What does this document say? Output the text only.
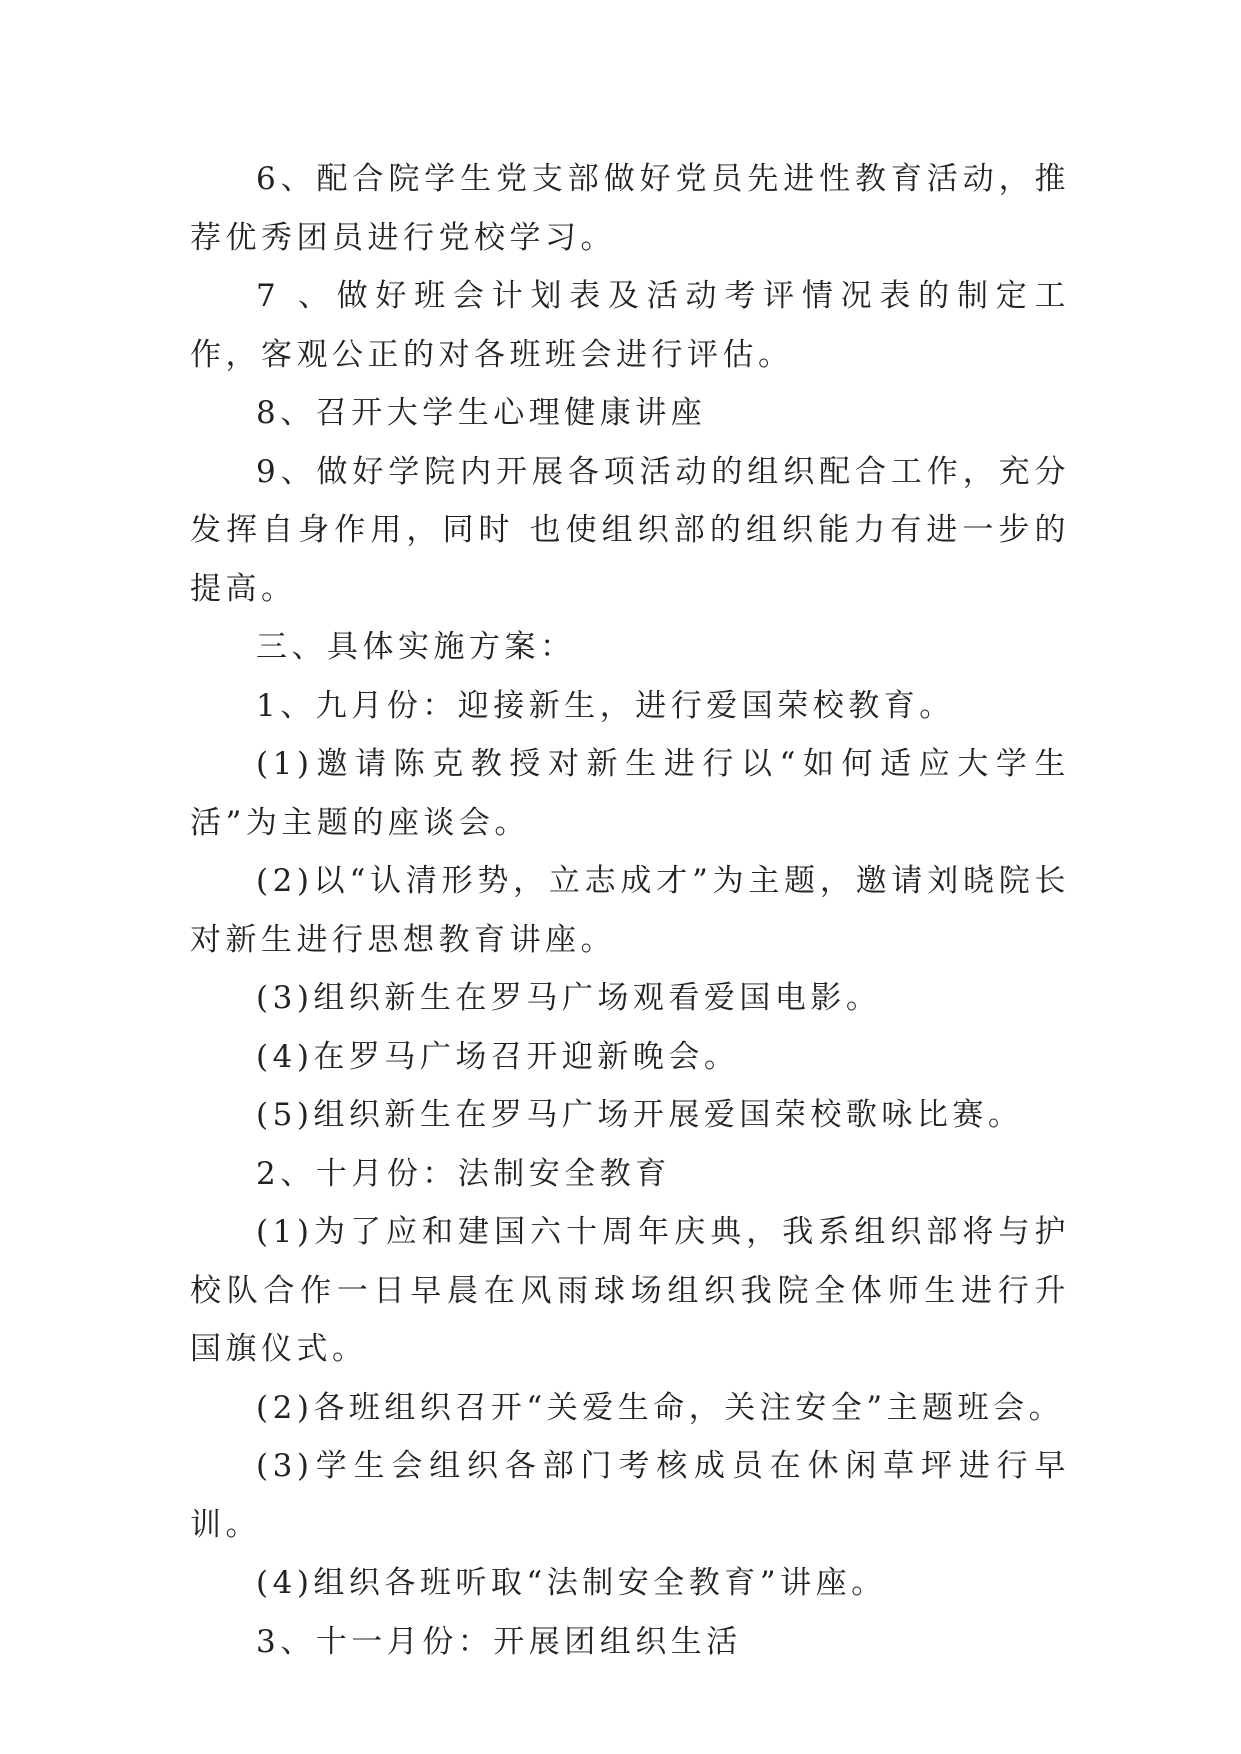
6、配合院学生党支部做好党员先进性教育活动，推荐优秀团员进行党校学习。

7 、做好班会计划表及活动考评情况表的制定工作，客观公正的对各班班会进行评估。

8、召开大学生心理健康讲座

9、做好学院内开展各项活动的组织配合工作，充分发挥自身作用，同时 也使组织部的组织能力有进一步的提高。

三、具体实施方案：

1、九月份：迎接新生，进行爱国荣校教育。

(1)邀请陈克教授对新生进行以“如何适应大学生活”为主题的座谈会。

(2)以“认清形势，立志成才”为主题，邀请刘晓院长对新生进行思想教育讲座。

(3)组织新生在罗马广场观看爱国电影。

(4)在罗马广场召开迎新晚会。

(5)组织新生在罗马广场开展爱国荣校歌咏比赛。

2、十月份：法制安全教育

(1)为了应和建国六十周年庆典，我系组织部将与护校队合作一日早晨在风雨球场组织我院全体师生进行升国旗仪式。

(2)各班组织召开“关爱生命，关注安全”主题班会。

(3)学生会组织各部门考核成员在休闲草坪进行早训。

(4)组织各班听取“法制安全教育”讲座。

3、十一月份：开展团组织生活
